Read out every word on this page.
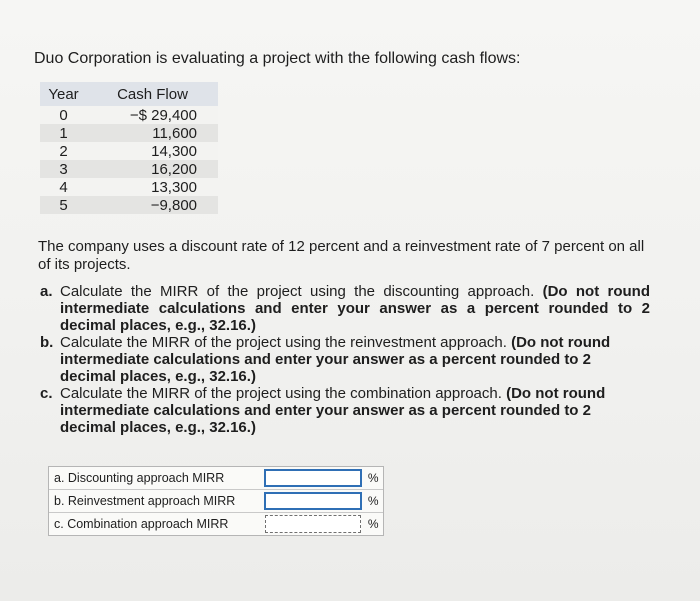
Duo Corporation is evaluating a project with the following cash flows:
Year	Cash Flow
0	−$ 29,400
1	11,600
2	14,300
3	16,200
4	13,300
5	−9,800
The company uses a discount rate of 12 percent and a reinvestment rate of 7 percent on all of its projects.
a. Calculate the MIRR of the project using the discounting approach. (Do not round intermediate calculations and enter your answer as a percent rounded to 2 decimal places, e.g., 32.16.)
b. Calculate the MIRR of the project using the reinvestment approach. (Do not round intermediate calculations and enter your answer as a percent rounded to 2 decimal places, e.g., 32.16.)
c. Calculate the MIRR of the project using the combination approach. (Do not round intermediate calculations and enter your answer as a percent rounded to 2 decimal places, e.g., 32.16.)
a. Discounting approach MIRR	%
b. Reinvestment approach MIRR	%
c. Combination approach MIRR	%
